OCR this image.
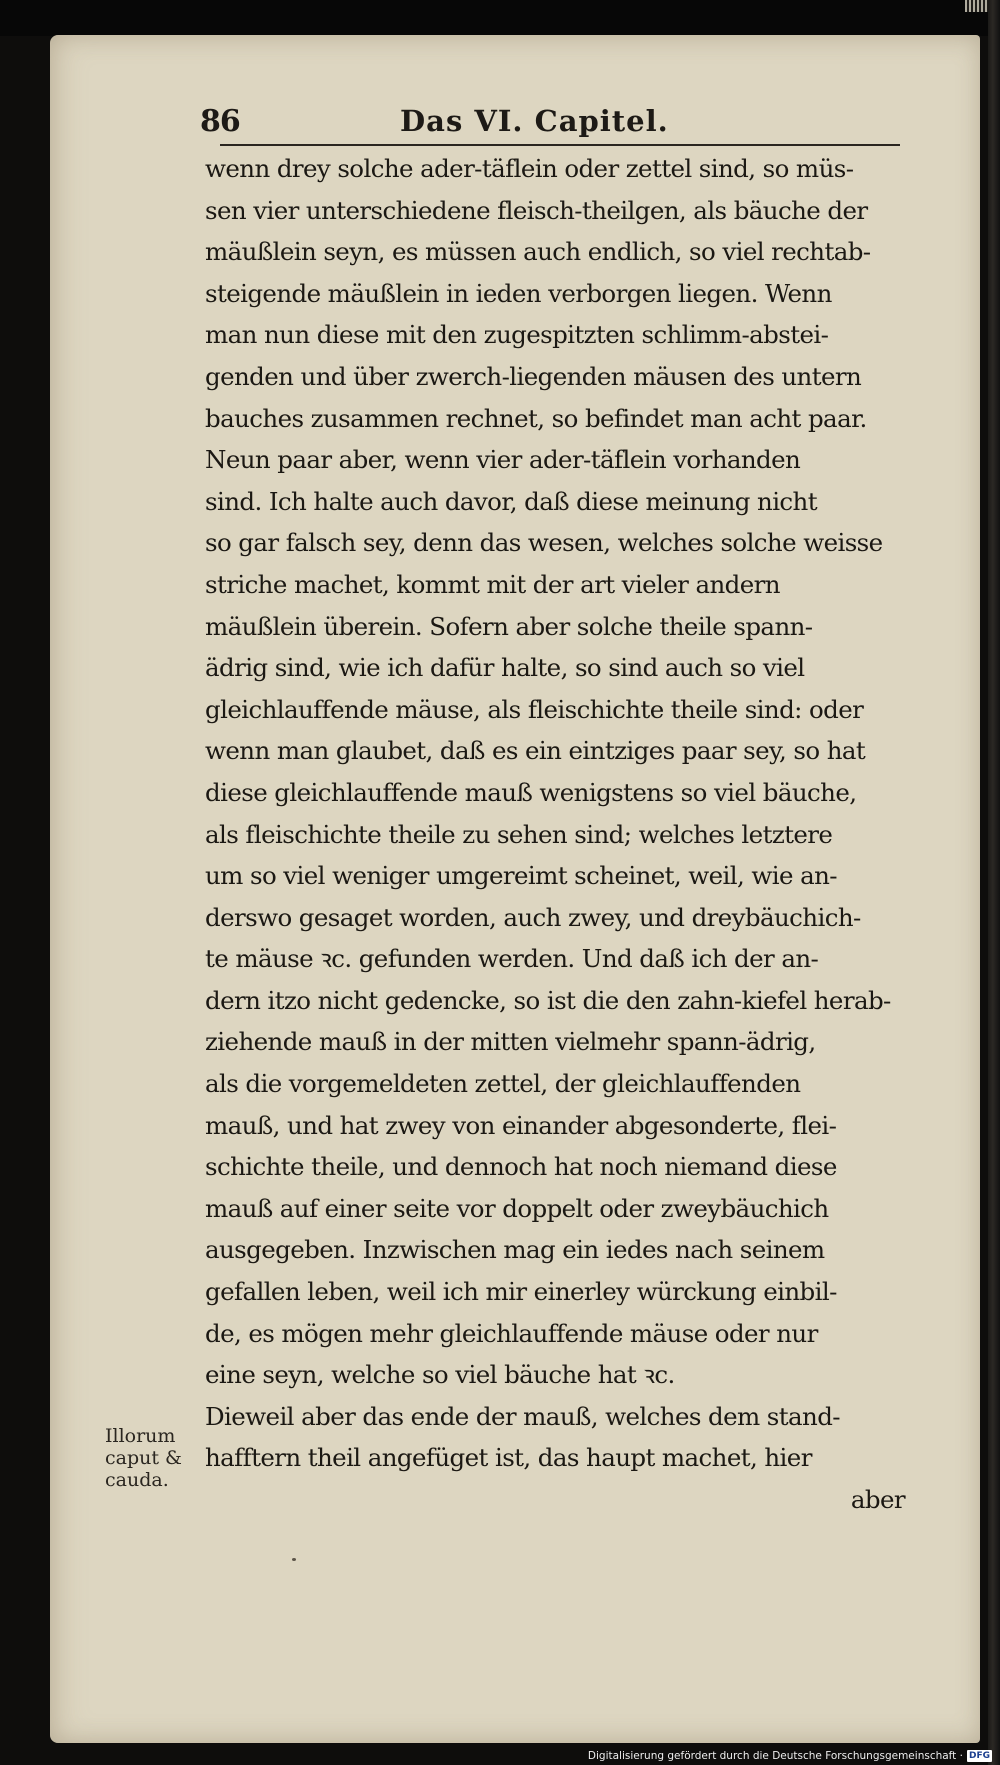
86	Das VI. Capitel.
wenn drey solche ader-täflein oder zettel sind, so müs-
sen vier unterschiedene fleisch-theilgen, als bäuche der
mäußlein seyn, es müssen auch endlich, so viel rechtab-
steigende mäußlein in ieden verborgen liegen. Wenn
man nun diese mit den zugespitzten schlimm-abstei-
genden und über zwerch-liegenden mäusen des untern
bauches zusammen rechnet, so befindet man acht paar.
Neun paar aber, wenn vier ader-täflein vorhanden
sind. Ich halte auch davor, daß diese meinung nicht
so gar falsch sey, denn das wesen, welches solche weisse
striche machet, kommt mit der art vieler andern
mäußlein überein. Sofern aber solche theile spann-
ädrig sind, wie ich dafür halte, so sind auch so viel
gleichlauffende mäuse, als fleischichte theile sind: oder
wenn man glaubet, daß es ein eintziges paar sey, so hat
diese gleichlauffende mauß wenigstens so viel bäuche,
als fleischichte theile zu sehen sind; welches letztere
um so viel weniger umgereimt scheinet, weil, wie an-
derswo gesaget worden, auch zwey, und dreybäuchich-
te mäuse ꝛc. gefunden werden. Und daß ich der an-
dern itzo nicht gedencke, so ist die den zahn-kiefel herab-
ziehende mauß in der mitten vielmehr spann-ädrig,
als die vorgemeldeten zettel, der gleichlauffenden
mauß, und hat zwey von einander abgesonderte, flei-
schichte theile, und dennoch hat noch niemand diese
mauß auf einer seite vor doppelt oder zweybäuchich
ausgegeben. Inzwischen mag ein iedes nach seinem
gefallen leben, weil ich mir einerley würckung einbil-
de, es mögen mehr gleichlauffende mäuse oder nur
eine seyn, welche so viel bäuche hat ꝛc.
Dieweil aber das ende der mauß, welches dem stand-
hafftern theil angefüget ist, das haupt machet, hier
aber
Illorum
caput &
cauda.
Digitalisierung gefördert durch die Deutsche Forschungsgemeinschaft · DFG
